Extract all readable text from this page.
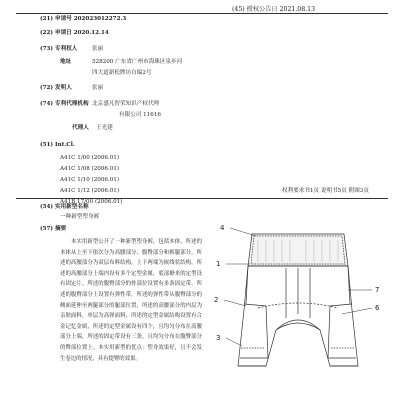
(45) 授权公告日 2021.08.13
(21) 申请号 202023012272.3
(22) 申请日 2020.12.14
(73) 专利权人	张丽
地址	528200 广东省广州市海珠区泉步河
四大道新松牌坊自编2号
(72) 发明人	张丽
(74) 专利代理机构 北京盛凡智荣知识产权代理
有限公司 11616
代理人 王光建
(51) Int.Cl.
A41C 1/00 (2006.01)
A41C 1/08 (2006.01)
A41C 1/10 (2006.01)
A41C 1/12 (2006.01)
A41B 17/00 (2006.01)
权利要求书1页 说明书5页 附图3页
(54) 实用新型名称
一种新型塑身裤
(57) 摘要

本实用新型公开了一种新型塑身裤，包括本体，所述的本体从上至下依次分为高腰部分、腹臀部分和裤腿部分，所述的高腰部分为双层布料结构，上下两端为嵌线状结构，所述的高腰部分上端内设有多个定型金属，底部撩来的定型设有固定片。所述的腹臀部分的骨部位设置有多条固定带，所述的腹臀部分上设置有弹性带，所述的弹性带从腹臀部分的侧面延伸至两腿部分的腿部位置，所述的高腰部分的内层为亲肤面料，单层为高弹面料，所述的定型金属结构设置有合金记忆金属，所述的定型金属设有四个，且均匀分布在高腰部分上端，所述的固定带设有三条，且均匀分布在腹臀部分的臀部位置上。本实用新型的优点：塑身效果好，且不会发生卷边的情况，具有提臀的效果。

4
1
2
7
6
3
